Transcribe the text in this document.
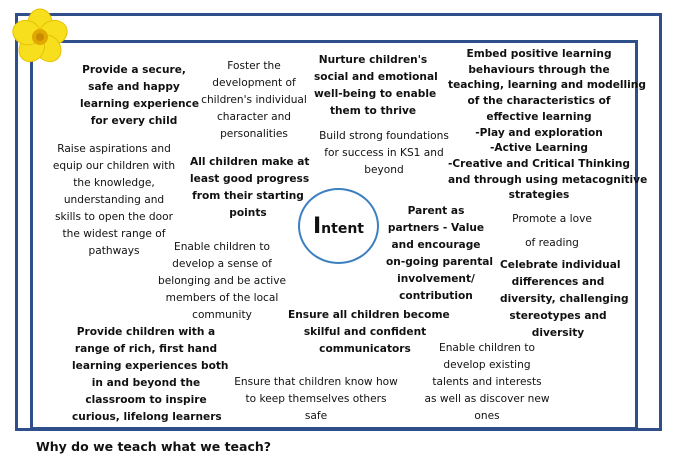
Provide a secure,
safe and happy
learning experience
for every child
Foster the
development of
children's individual
character and
personalities
Nurture children's
social and emotional
well-being to enable
them to thrive
Embed positive learning
behaviours through the
teaching, learning and modelling
of the characteristics of
effective learning
-Play and exploration
-Active Learning
-Creative and Critical Thinking
and through using metacognitive
strategies
Raise aspirations and
equip our children with
the knowledge,
understanding and
skills to open the door
the widest range of
pathways
All children make at
least good progress
from their starting
points
Build strong foundations
for success in KS1 and
beyond
Intent
Parent as
partners - Value
and encourage
on-going parental
involvement/
contribution
Promote a love
of reading
Enable children to
develop a sense of
belonging and be active
members of the local
community
Celebrate individual
differences and
diversity, challenging
stereotypes and
diversity
Ensure all children become
skilful and confident
communicators
Provide children with a
range of rich, first hand
learning experiences both
in and beyond the
classroom to inspire
curious, lifelong learners
Ensure that children know how
to keep themselves others
safe
Enable children to
develop existing
talents and interests
as well as discover new
ones
Why do we teach what we teach?
